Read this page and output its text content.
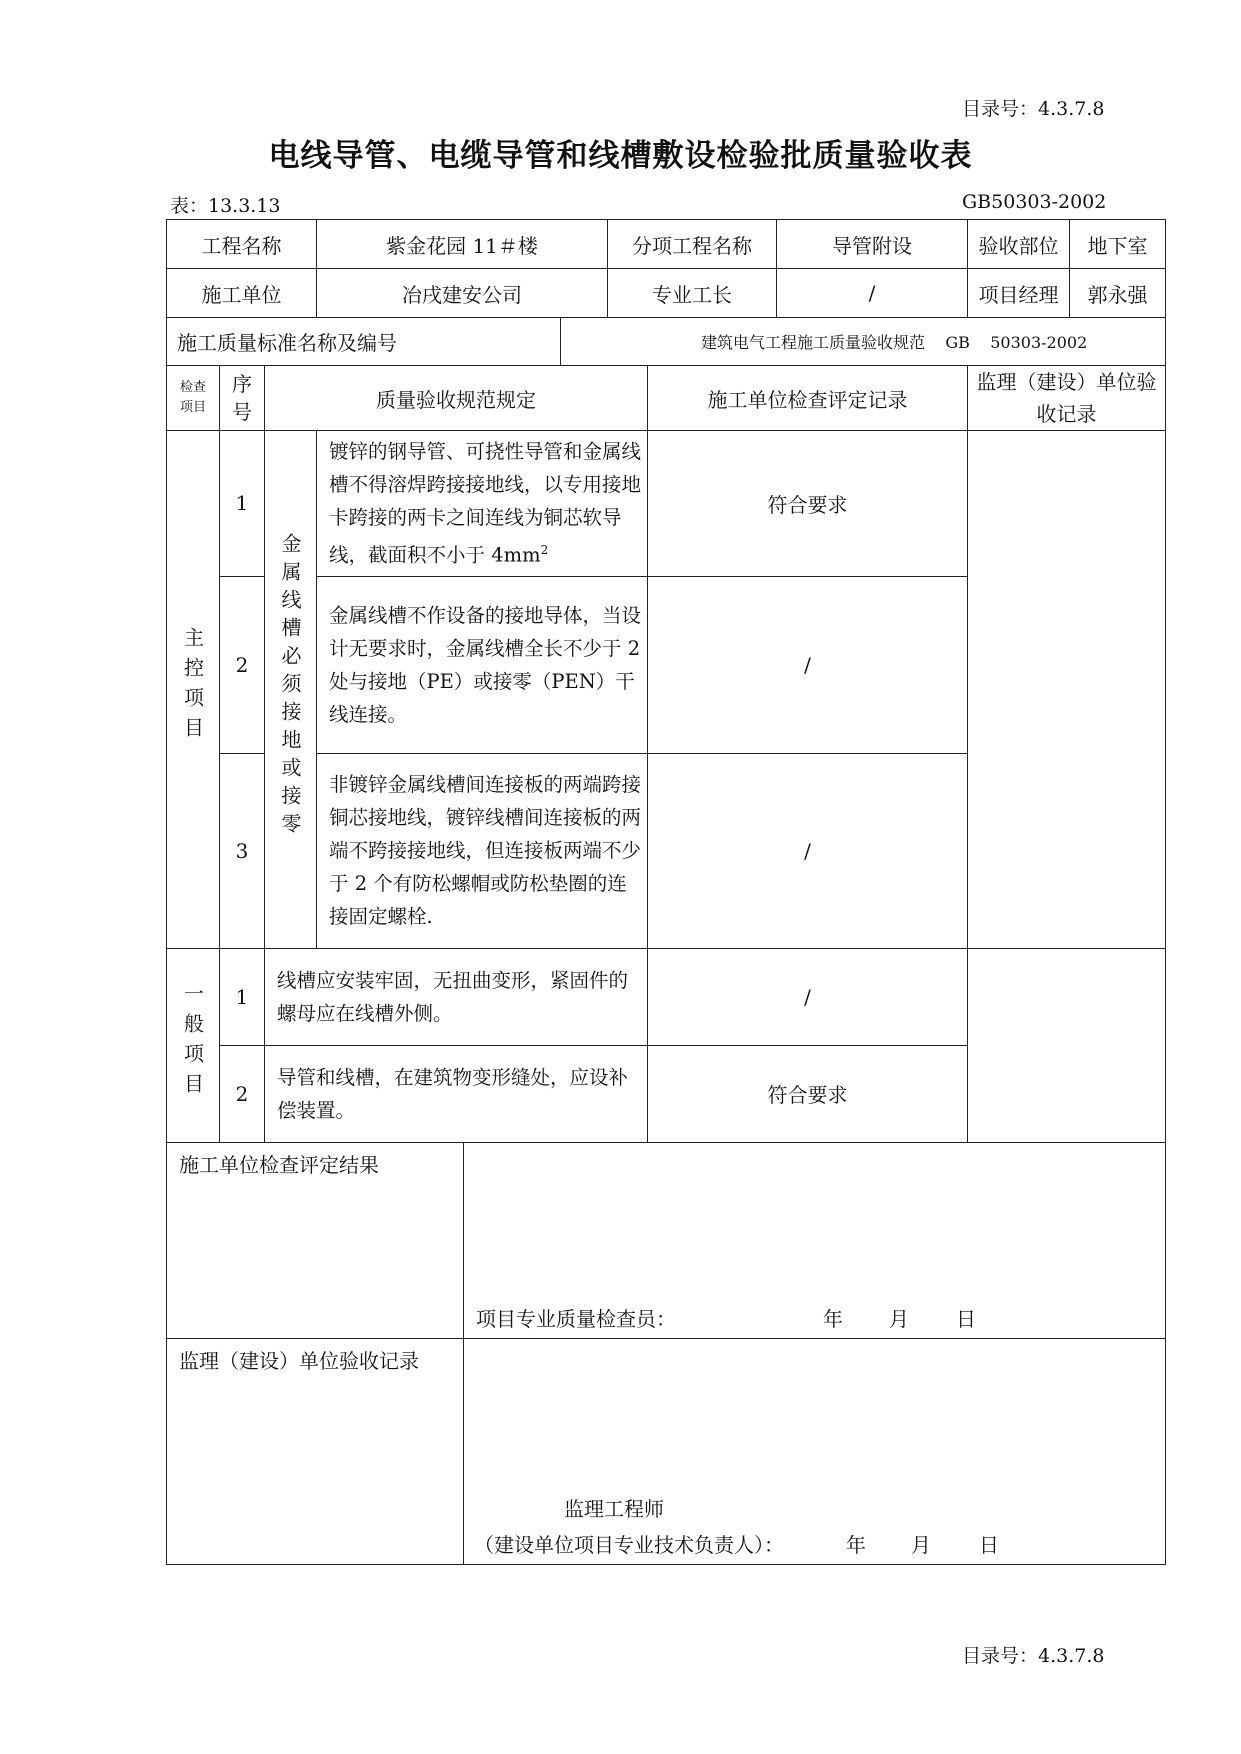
目录号：4.3.7.8
电线导管、电缆导管和线槽敷设检验批质量验收表
表：13.3.13	GB50303-2002
工程名称			紫金花园 11＃楼			分项工程名称		导管附设	验收部位	地下室
施工单位			冶戌建安公司			专业工长		/	项目经理	郭永强
施工质量标准名称及编号					建筑电气工程施工质量验收规范 GB    50303-2002					

检查项目	序号	质量验收规范规定					施工单位检查评定记录		监理（建设）单位验收记录	

主控项目	1	金属线槽必须接地或接零	镀锌的钢导管、可挠性导管和金属线槽不得溶焊跨接接地线，以专用接地卡跨接的两卡之间连线为铜芯软导线，截面积不小于 $4mm^2$				符合要求			
	2		金属线槽不作设备的接地导体，当设计无要求时，金属线槽全长不少于 2 处与接地（PE）或接零（PEN）干线连接。				/			
	3		非镀锌金属线槽间连接板的两端跨接铜芯接地线，镀锌线槽间连接板的两端不跨接接地线，但连接板两端不少于 2 个有防松螺帽或防松垫圈的连接固定螺栓.				/			
一般项目	1	线槽应安装牢固，无扭曲变形，紧固件的螺母应在线槽外侧。					/			
	2	导管和线槽，在建筑物变形缝处，应设补偿装置。					符合要求			
施工单位检查评定结果				项目专业质量检查员： 年 月 日						

监理（建设）单位验收记录				监理工程师
（建设单位项目专业技术负责人）： 年 月 日						
目录号：4.3.7.8
